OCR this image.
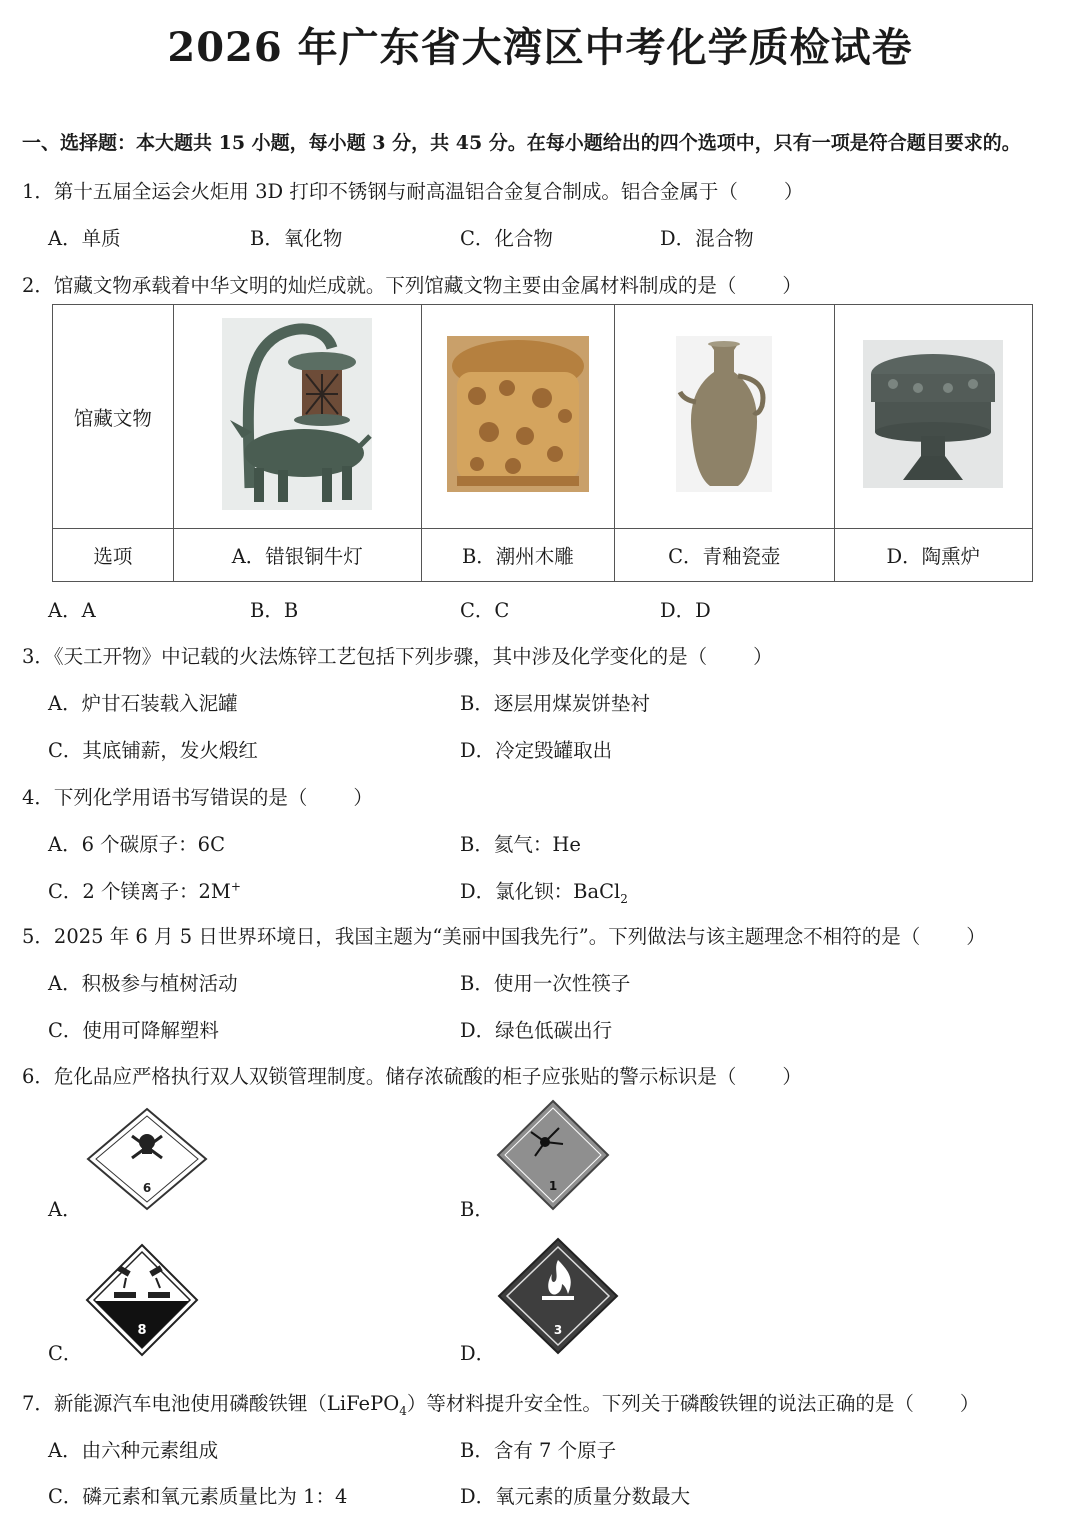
2026 年广东省大湾区中考化学质检试卷
一、选择题：本大题共 15 小题，每小题 3 分，共 45 分。在每小题给出的四个选项中，只有一项是符合题目要求的。
1．第十五届全运会火炬用 3D 打印不锈钢与耐高温铝合金复合制成。铝合金属于（ ）
A．单质	B．氧化物	C．化合物	D．混合物
2．馆藏文物承载着中华文明的灿烂成就。下列馆藏文物主要由金属材料制成的是（ ）
馆藏文物				
选项	A．错银铜牛灯	B．潮州木雕	C．青釉瓷壶	D．陶熏炉
A．A	B．B	C．C	D．D
3．《天工开物》中记载的火法炼锌工艺包括下列步骤，其中涉及化学变化的是（ ）
A．炉甘石装载入泥罐	B．逐层用煤炭饼垫衬
C．其底铺薪，发火煅红	D．冷定毁罐取出
4．下列化学用语书写错误的是（ ）
A．6 个碳原子：6C	B．氦气：He
C．2 个镁离子：2M+	D．氯化钡：BaCl$_2$
5．2025 年 6 月 5 日世界环境日，我国主题为“美丽中国我先行”。下列做法与该主题理念不相符的是（ ）
A．积极参与植树活动	B．使用一次性筷子
C．使用可降解塑料	D．绿色低碳出行
6．危化品应严格执行双人双锁管理制度。储存浓硫酸的柜子应张贴的警示标识是（ ）
A．
6
B．
1
C．
8
D．
3
7．新能源汽车电池使用磷酸铁锂（LiFePO$_4$）等材料提升安全性。下列关于磷酸铁锂的说法正确的是（ ）
A．由六种元素组成	B．含有 7 个原子
C．磷元素和氧元素质量比为 1：4	D．氧元素的质量分数最大
